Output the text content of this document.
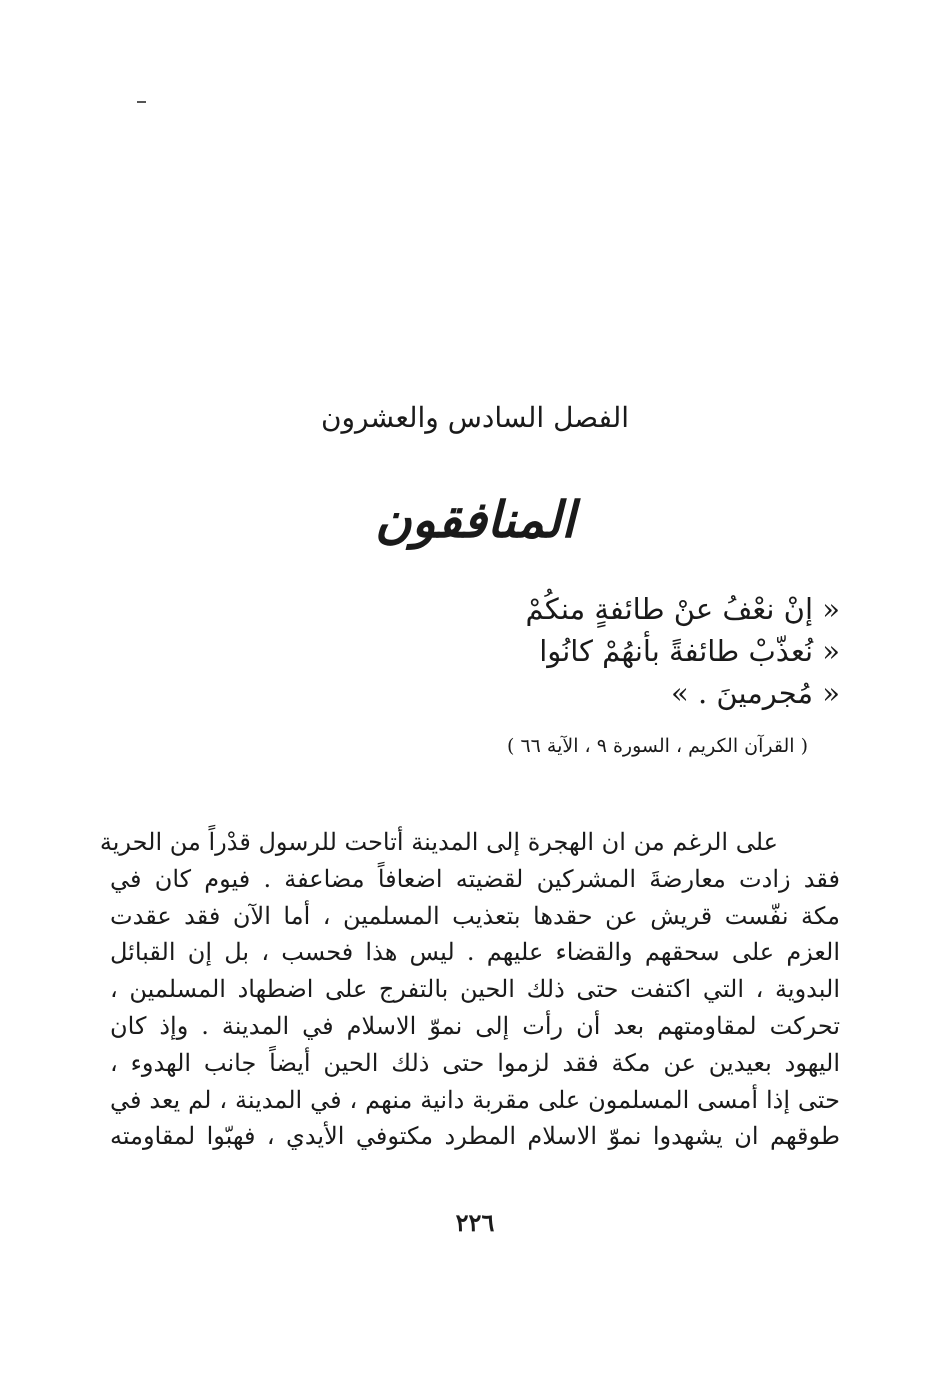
الفصل السادس والعشرون
المنافقون
« إنْ نعْفُ عنْ طائفةٍ منكُمْ
« نُعذّبْ طائفةً بأنهُمْ كانُوا
« مُجرمينَ . »
( القرآن الكريم ، السورة ٩ ، الآية ٦٦ )
على الرغم من ان الهجرة إلى المدينة أتاحت للرسول قدْراً من الحرية
فقد زادت معارضةَ المشركين لقضيته اضعافاً مضاعفة . فيوم كان في
مكة نفّست قريش عن حقدها بتعذيب المسلمين ، أما الآن فقد عقدت
العزم على سحقهم والقضاء عليهم . ليس هذا فحسب ، بل إن القبائل
البدوية ، التي اكتفت حتى ذلك الحين بالتفرج على اضطهاد المسلمين ،
تحركت لمقاومتهم بعد أن رأت إلى نموّ الاسلام في المدينة . وإذ كان
اليهود بعيدين عن مكة فقد لزموا حتى ذلك الحين أيضاً جانب الهدوء ،
حتى إذا أمسى المسلمون على مقربة دانية منهم ، في المدينة ، لم يعد في
طوقهم ان يشهدوا نموّ الاسلام المطرد مكتوفي الأيدي ، فهبّوا لمقاومته
٢٢٦
